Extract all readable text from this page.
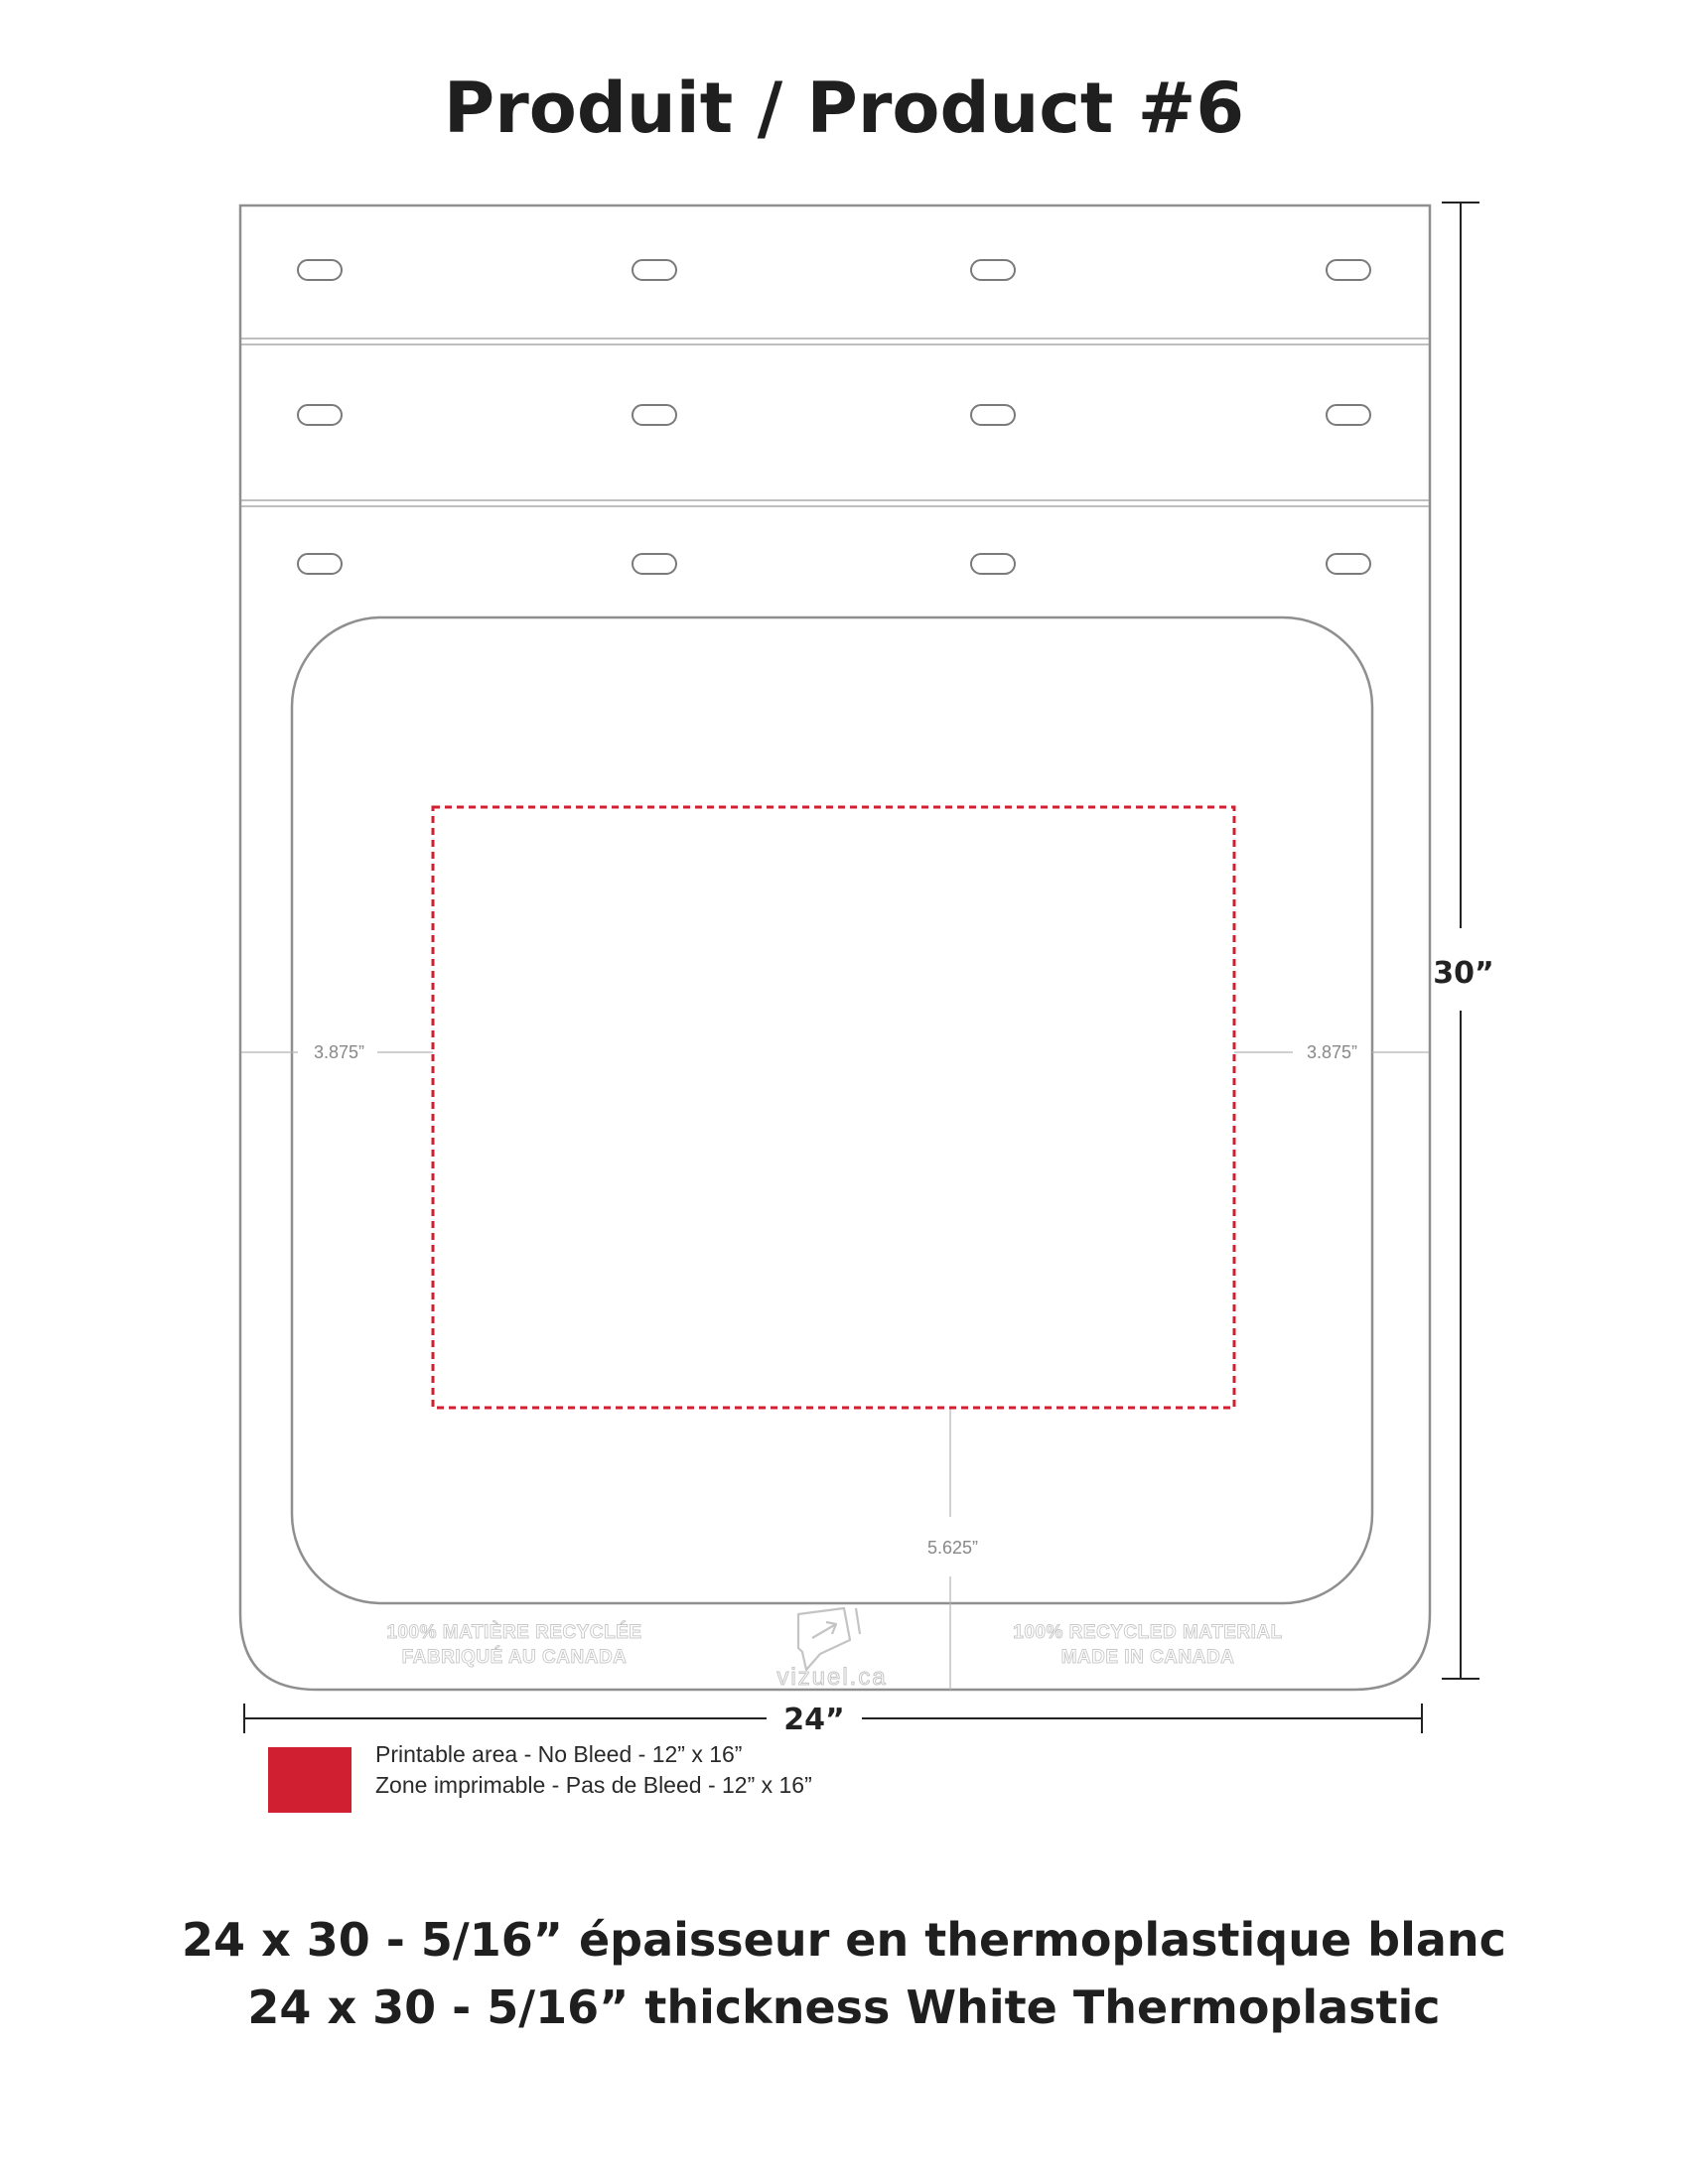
Produit / Product #6
3.875”	3.875”
5.625”
100% MATIÈRE RECYCLÉE
FABRIQUÉ AU CANADA
100% RECYCLED MATERIAL
MADE IN CANADA
vizuel.ca
30”
24”
Printable area - No Bleed - 12” x 16”
Zone imprimable - Pas de Bleed - 12” x 16”
24 x 30 - 5/16” épaisseur en thermoplastique blanc
24 x 30 - 5/16” thickness White Thermoplastic
